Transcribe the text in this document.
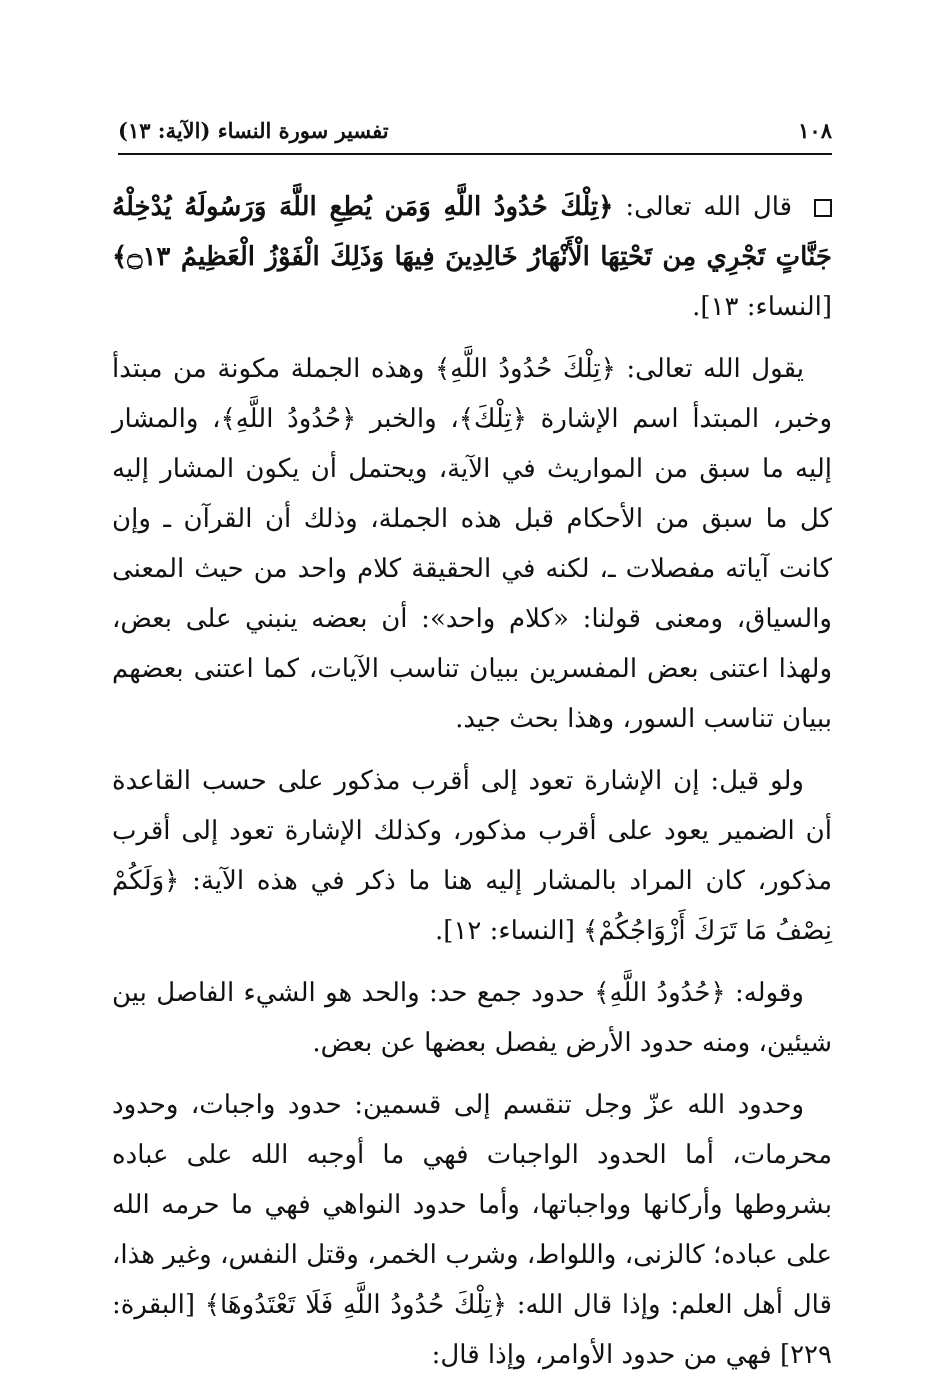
١٠٨
تفسير سورة النساء (الآية: ١٣)

قال الله تعالى: ﴿تِلْكَ حُدُودُ اللَّهِ وَمَن يُطِعِ اللَّهَ وَرَسُولَهُ يُدْخِلْهُ جَنَّاتٍ تَجْرِي مِن تَحْتِهَا الْأَنْهَارُ خَالِدِينَ فِيهَا وَذَلِكَ الْفَوْزُ الْعَظِيمُ ۝١٣﴾ [النساء: ١٣].

يقول الله تعالى: ﴿تِلْكَ حُدُودُ اللَّهِ﴾ وهذه الجملة مكونة من مبتدأ وخبر، المبتدأ اسم الإشارة ﴿تِلْكَ﴾، والخبر ﴿حُدُودُ اللَّهِ﴾، والمشار إليه ما سبق من المواريث في الآية، ويحتمل أن يكون المشار إليه كل ما سبق من الأحكام قبل هذه الجملة، وذلك أن القرآن ـ وإن كانت آياته مفصلات ـ، لكنه في الحقيقة كلام واحد من حيث المعنى والسياق، ومعنى قولنا: «كلام واحد»: أن بعضه ينبني على بعض، ولهذا اعتنى بعض المفسرين ببيان تناسب الآيات، كما اعتنى بعضهم ببيان تناسب السور، وهذا بحث جيد.

ولو قيل: إن الإشارة تعود إلى أقرب مذكور على حسب القاعدة أن الضمير يعود على أقرب مذكور، وكذلك الإشارة تعود إلى أقرب مذكور، كان المراد بالمشار إليه هنا ما ذكر في هذه الآية: ﴿وَلَكُمْ نِصْفُ مَا تَرَكَ أَزْوَاجُكُمْ﴾ [النساء: ١٢].

وقوله: ﴿حُدُودُ اللَّهِ﴾ حدود جمع حد: والحد هو الشيء الفاصل بين شيئين، ومنه حدود الأرض يفصل بعضها عن بعض.

وحدود الله عزّ وجل تنقسم إلى قسمين: حدود واجبات، وحدود محرمات، أما الحدود الواجبات فهي ما أوجبه الله على عباده بشروطها وأركانها وواجباتها، وأما حدود النواهي فهي ما حرمه الله على عباده؛ كالزنى، واللواط، وشرب الخمر، وقتل النفس، وغير هذا، قال أهل العلم: وإذا قال الله: ﴿تِلْكَ حُدُودُ اللَّهِ فَلَا تَعْتَدُوهَا﴾ [البقرة: ٢٢٩] فهي من حدود الأوامر، وإذا قال:
